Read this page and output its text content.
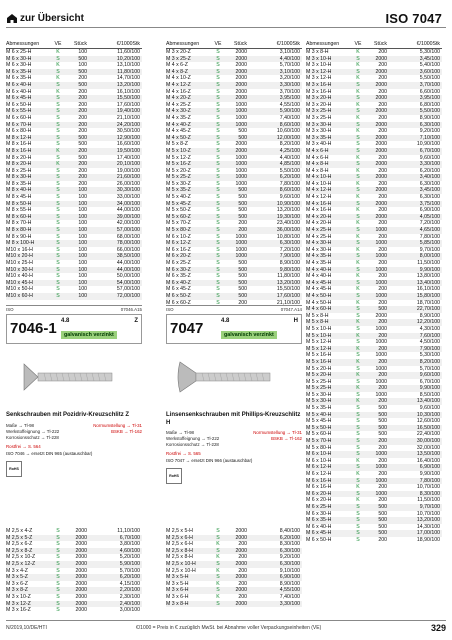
zur Übersicht	ISO 7047
Abmessungen	VE	Stück	€/1000Stk
M 6 x 25-H	K	100	11,60/100
M 6 x 30-H	S	500	10,20/100
M 6 x 30-H	K	100	13,10/100
M 6 x 35-H	S	500	11,80/100
M 6 x 35-H	K	200	14,70/100
M 6 x 40-H	S	500	13,20/100
M 6 x 40-H	K	200	16,10/100
M 6 x 45-H	S	200	15,50/100
M 6 x 50-H	S	200	17,60/100
M 6 x 55-H	S	200	19,40/100
M 6 x 60-H	S	200	21,10/100
M 6 x 70-H	S	200	24,20/100
M 6 x 80-H	S	200	30,50/100
M 8 x 12-H	S	500	12,90/100
M 8 x 16-H	S	500	16,60/100
M 8 x 16-H	K	200	19,50/100
M 8 x 20-H	S	500	17,40/100
M 8 x 20-H	K	200	20,10/100
M 8 x 25-H	S	200	19,00/100
M 8 x 30-H	S	200	21,60/100
M 8 x 35-H	S	200	26,00/100
M 8 x 40-H	S	100	30,30/100
M 8 x 45-H	S	100	33,00/100
M 8 x 50-H	S	100	34,00/100
M 8 x 55-H	S	100	44,00/100
M 8 x 60-H	S	100	39,00/100
M 8 x 70-H	S	100	42,00/100
M 8 x 80-H	S	100	57,00/100
M 8 x 90-H	S	100	68,00/100
M 8 x 100-H	S	100	78,00/100
M10 x 16-H	S	100	66,00/100
M10 x 20-H	S	100	38,50/100
M10 x 25-H	S	100	44,00/100
M10 x 30-H	S	100	44,00/100
M10 x 40-H	S	100	50,00/100
M10 x 45-H	S	100	54,00/100
M10 x 50-H	S	100	57,00/100
M10 x 60-H	S	100	72,00/100
Abmessungen	VE	Stück	€/1000Stk
M 3 x 20-Z	S	2000	3,10/100
M 3 x 25-Z	S	2000	4,40/100
M 4 x 6-Z	S	2000	5,70/100
M 4 x 8-Z	S	2000	3,10/100
M 4 x 10-Z	S	2000	3,20/100
M 4 x 12-Z	S	2000	3,30/100
M 4 x 16-Z	S	2000	3,70/100
M 4 x 20-Z	S	2000	3,95/100
M 4 x 25-Z	S	1000	4,55/100
M 4 x 30-Z	S	1000	5,90/100
M 4 x 35-Z	S	1000	7,40/100
M 4 x 40-Z	S	1000	8,60/100
M 4 x 45-Z	S	500	10,60/100
M 4 x 50-Z	S	500	12,00/100
M 5 x 8-Z	S	2000	8,20/100
M 5 x 10-Z	S	2000	4,25/100
M 5 x 12-Z	S	1000	4,40/100
M 5 x 16-Z	S	1000	4,85/100
M 5 x 20-Z	S	1000	5,50/100
M 5 x 25-Z	S	1000	6,20/100
M 5 x 30-Z	S	1000	7,80/100
M 5 x 35-Z	S	500	8,60/100
M 5 x 40-Z	S	500	9,60/100
M 5 x 45-Z	S	500	10,90/100
M 5 x 50-Z	S	500	13,20/100
M 5 x 60-Z	S	500	19,30/100
M 5 x 70-Z	S	200	23,40/100
M 5 x 80-Z	S	200	36,00/100
M 6 x 10-Z	S	1000	10,80/100
M 6 x 12-Z	S	1000	6,30/100
M 6 x 16-Z	S	1000	7,20/100
M 6 x 20-Z	S	1000	7,90/100
M 6 x 25-Z	S	500	8,90/100
M 6 x 30-Z	S	500	9,80/100
M 6 x 35-Z	S	500	11,80/100
M 6 x 40-Z	S	500	13,20/100
M 6 x 45-Z	S	500	15,50/100
M 6 x 50-Z	S	500	17,60/100
M 6 x 60-Z	S	200	21,10/100
Abmessungen	VE	Stück	€/1000Stk
M 3 x 8-H	K	200	5,30/100
M 3 x 10-H	S	2000	3,45/100
M 3 x 10-H	K	200	5,40/100
M 3 x 12-H	S	2000	3,60/100
M 3 x 12-H	K	200	5,50/100
M 3 x 16-H	S	2000	3,70/100
M 3 x 16-H	K	200	6,60/100
M 3 x 20-H	S	2000	3,95/100
M 3 x 20-H	K	200	6,80/100
M 3 x 25-H	S	2000	5,50/100
M 3 x 25-H	K	200	8,90/100
M 3 x 30-H	S	2000	6,30/100
M 3 x 30-H	K	200	9,20/100
M 3 x 35-H	S	2000	7,10/100
M 3 x 40-H	S	2000	10,90/100
M 4 x 6-H	S	2000	6,70/100
M 4 x 6-H	K	200	9,60/100
M 4 x 8-H	S	2000	3,30/100
M 4 x 8-H	K	200	6,20/100
M 4 x 10-H	S	2000	3,40/100
M 4 x 10-H	K	200	6,30/100
M 4 x 12-H	S	2000	3,45/100
M 4 x 12-H	K	200	6,30/100
M 4 x 16-H	S	2000	3,75/100
M 4 x 16-H	K	200	6,90/100
M 4 x 20-H	S	2000	4,05/100
M 4 x 20-H	K	200	7,20/100
M 4 x 25-H	S	1000	4,65/100
M 4 x 25-H	K	200	7,80/100
M 4 x 30-H	S	1000	5,85/100
M 4 x 30-H	K	200	9,70/100
M 4 x 35-H	S	1000	8,00/100
M 4 x 35-H	K	200	11,50/100
M 4 x 40-H	S	1000	9,90/100
M 4 x 40-H	K	200	13,80/100
M 4 x 45-H	S	1000	13,40/100
M 4 x 45-H	K	200	16,10/100
M 4 x 50-H	S	1000	15,80/100
M 4 x 50-H	K	200	18,70/100
M 4 x 60-H	S	500	22,70/100
M 5 x 8-H	S	2000	8,90/100
M 5 x 8-H	K	200	12,20/100
M 5 x 10-H	S	1000	4,30/100
M 5 x 10-H	K	200	7,60/100
M 5 x 12-H	S	1000	4,50/100
M 5 x 12-H	K	200	7,90/100
M 5 x 16-H	S	1000	5,30/100
M 5 x 16-H	K	200	8,20/100
M 5 x 20-H	S	1000	5,70/100
M 5 x 20-H	K	200	9,60/100
M 5 x 25-H	S	1000	6,70/100
M 5 x 25-H	K	200	9,90/100
M 5 x 30-H	S	1000	8,50/100
M 5 x 30-H	K	200	13,40/100
M 5 x 35-H	S	500	9,60/100
M 5 x 40-H	S	500	10,30/100
M 5 x 45-H	S	500	12,60/100
M 5 x 50-H	S	500	16,50/100
M 5 x 60-H	S	500	22,40/100
M 5 x 70-H	S	200	30,00/100
M 5 x 80-H	S	200	32,00/100
M 6 x 10-H	S	1000	13,50/100
M 6 x 10-H	K	200	16,40/100
M 6 x 12-H	S	1000	6,90/100
M 6 x 12-H	K	200	9,90/100
M 6 x 16-H	S	1000	7,80/100
M 6 x 16-H	K	200	10,70/100
M 6 x 20-H	S	1000	8,30/100
M 6 x 20-H	K	200	11,50/100
M 6 x 25-H	S	500	9,70/100
M 6 x 30-H	S	500	10,70/100
M 6 x 35-H	S	500	13,20/100
M 6 x 40-H	S	500	14,30/100
M 6 x 45-H	S	500	17,00/100
M 6 x 50-H	S	200	18,90/100
ISO	07046.A15
7046-1 4.8	Z
galvanisch verzinkt
Senkschrauben mit Pozidriv-Kreuzschlitz Z
Maße → Tl-98	Normumstellung → Tl-31
Werkstoffeignung → Tl-222	BSKB → Tl-162
Korrosionsschutz → Tl-228
Rostfrei → S. 564
ISO 7046 → ersetzt DIN 965 (austauschbar)
RoHS
ISO	07047.A14
7047	4.8	H
galvanisch verzinkt
Linsensenkschrauben mit Phillips-Kreuzschlitz H
Maße → Tl-98	Normumstellung → Tl-31
Werkstoffeignung → Tl-222	BSKB → Tl-162
Korrosionsschutz → Tl-228
Rostfrei → S. 565
ISO 7047 → ersetzt DIN 966 (austauschbar)
RoHS
M 2,5 x 4-Z	S	2000	11,10/100
M 2,5 x 5-Z	S	2000	6,70/100
M 2,5 x 6-Z	S	2000	3,80/100
M 2,5 x 8-Z	S	2000	4,60/100
M 2,5 x 10-Z	S	2000	5,20/100
M 2,5 x 12-Z	S	2000	5,90/100
M 3 x 4-Z	S	2000	5,70/100
M 3 x 5-Z	S	2000	6,20/100
M 3 x 6-Z	S	2000	4,15/100
M 3 x 8-Z	S	2000	2,20/100
M 3 x 10-Z	S	2000	2,30/100
M 3 x 12-Z	S	2000	2,40/100
M 3 x 16-Z	S	2000	3,00/100
M 2,5 x 5-H	S	2000	8,40/100
M 2,5 x 6-H	S	2000	6,20/100
M 2,5 x 6-H	K	200	8,30/100
M 2,5 x 8-H	S	2000	6,30/100
M 2,5 x 8-H	K	200	9,20/100
M 2,5 x 10-H	S	2000	6,30/100
M 2,5 x 10-H	K	200	9,10/100
M 3 x 5-H	S	2000	6,90/100
M 3 x 5-H	K	200	8,90/100
M 3 x 6-H	S	2000	4,55/100
M 3 x 6-H	K	200	7,40/100
M 3 x 8-H	S	2000	3,30/100
N/2019,10/DE/HTI	€/1000 = Preis in € zuzüglich MwSt. bei Abnahme voller Verpackungseinheiten (VE)	329
